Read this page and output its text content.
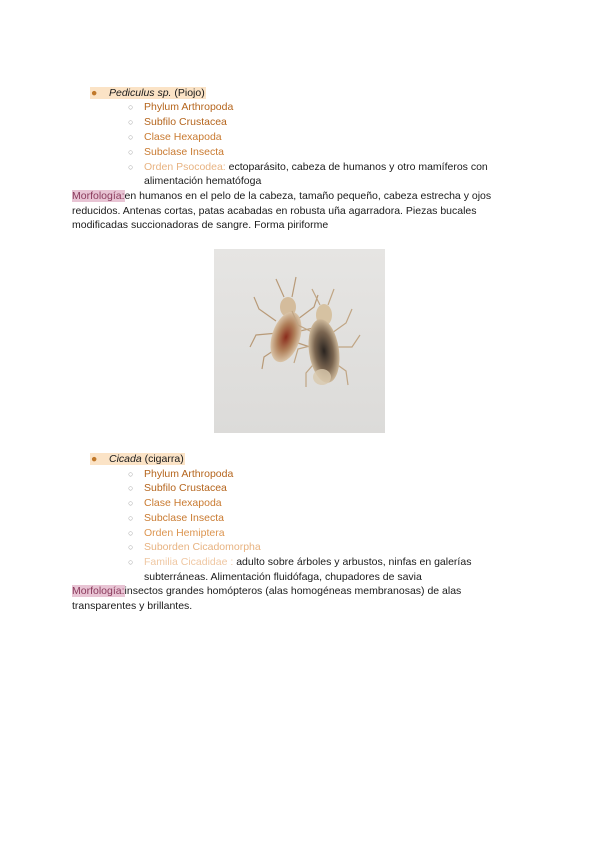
● Pediculus sp. (Piojo)
○ Phylum Arthropoda
○ Subfilo Crustacea
○ Clase Hexapoda
○ Subclase Insecta
○ Orden Psocodea: ectoparásito, cabeza de humanos y otro mamíferos con
alimentación hematófoga
Morfología:en humanos en el pelo de la cabeza, tamaño pequeño, cabeza estrecha y ojos
reducidos. Antenas cortas, patas acabadas en robusta uña agarradora. Piezas bucales
modificadas succionadoras de sangre. Forma piriforme
● Cicada (cigarra)
○ Phylum Arthropoda
○ Subfilo Crustacea
○ Clase Hexapoda
○ Subclase Insecta
○ Orden Hemiptera
○ Suborden Cicadomorpha
○ Familia Cicadidae : adulto sobre árboles y arbustos, ninfas en galerías
subterráneas. Alimentación fluidófaga, chupadores de savia
Morfología:insectos grandes homópteros (alas homogéneas membranosas) de alas
transparentes y brillantes.
